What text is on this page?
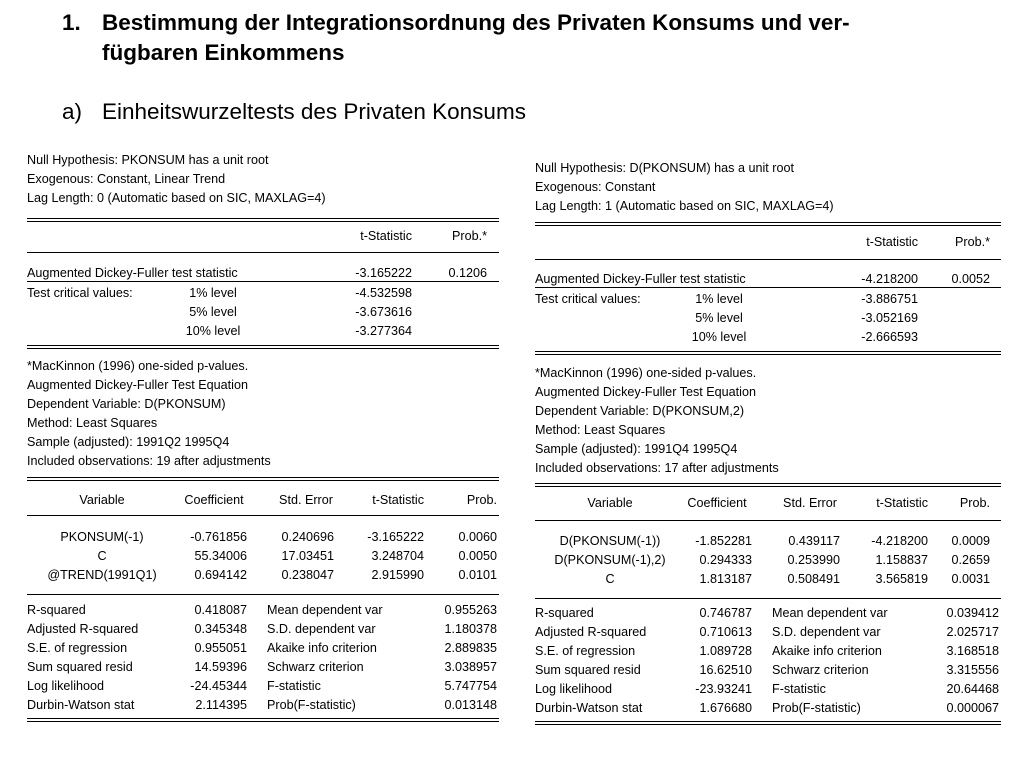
1. Bestimmung der Integrationsordnung des Privaten Konsums und ver-
fügbaren Einkommens
a) Einheitswurzeltests des Privaten Konsums
Null Hypothesis: PKONSUM has a unit root
Exogenous: Constant, Linear Trend
Lag Length: 0 (Automatic based on SIC, MAXLAG=4)
t-Statistic	Prob.*
Augmented Dickey-Fuller test statistic	-3.165222	0.1206
Test critical values:	1% level	-4.532598
5% level	-3.673616
10% level	-3.277364
*MacKinnon (1996) one-sided p-values.
Augmented Dickey-Fuller Test Equation
Dependent Variable: D(PKONSUM)
Method: Least Squares
Sample (adjusted): 1991Q2 1995Q4
Included observations: 19 after adjustments
Variable	Coefficient	Std. Error	t-Statistic	Prob.
PKONSUM(-1)	-0.761856	0.240696	-3.165222	0.0060
C	55.34006	17.03451	3.248704	0.0050
@TREND(1991Q1)	0.694142	0.238047	2.915990	0.0101
R-squared	0.418087 Mean dependent var	0.955263
Adjusted R-squared	0.345348 S.D. dependent var	1.180378
S.E. of regression	0.955051 Akaike info criterion	2.889835
Sum squared resid	14.59396 Schwarz criterion	3.038957
Log likelihood	-24.45344 F-statistic	5.747754
Durbin-Watson stat	2.114395 Prob(F-statistic)	0.013148
Null Hypothesis: D(PKONSUM) has a unit root
Exogenous: Constant
Lag Length: 1 (Automatic based on SIC, MAXLAG=4)
t-Statistic	Prob.*
Augmented Dickey-Fuller test statistic	-4.218200	0.0052
Test critical values:	1% level	-3.886751
5% level	-3.052169
10% level	-2.666593
*MacKinnon (1996) one-sided p-values.
Augmented Dickey-Fuller Test Equation
Dependent Variable: D(PKONSUM,2)
Method: Least Squares
Sample (adjusted): 1991Q4 1995Q4
Included observations: 17 after adjustments
Variable	Coefficient	Std. Error	t-Statistic	Prob.
D(PKONSUM(-1))	-1.852281	0.439117	-4.218200	0.0009
D(PKONSUM(-1),2)	0.294333	0.253990	1.158837	0.2659
C	1.813187	0.508491	3.565819	0.0031
R-squared	0.746787 Mean dependent var	0.039412
Adjusted R-squared	0.710613 S.D. dependent var	2.025717
S.E. of regression	1.089728 Akaike info criterion	3.168518
Sum squared resid	16.62510 Schwarz criterion	3.315556
Log likelihood	-23.93241 F-statistic	20.64468
Durbin-Watson stat	1.676680 Prob(F-statistic)	0.000067
